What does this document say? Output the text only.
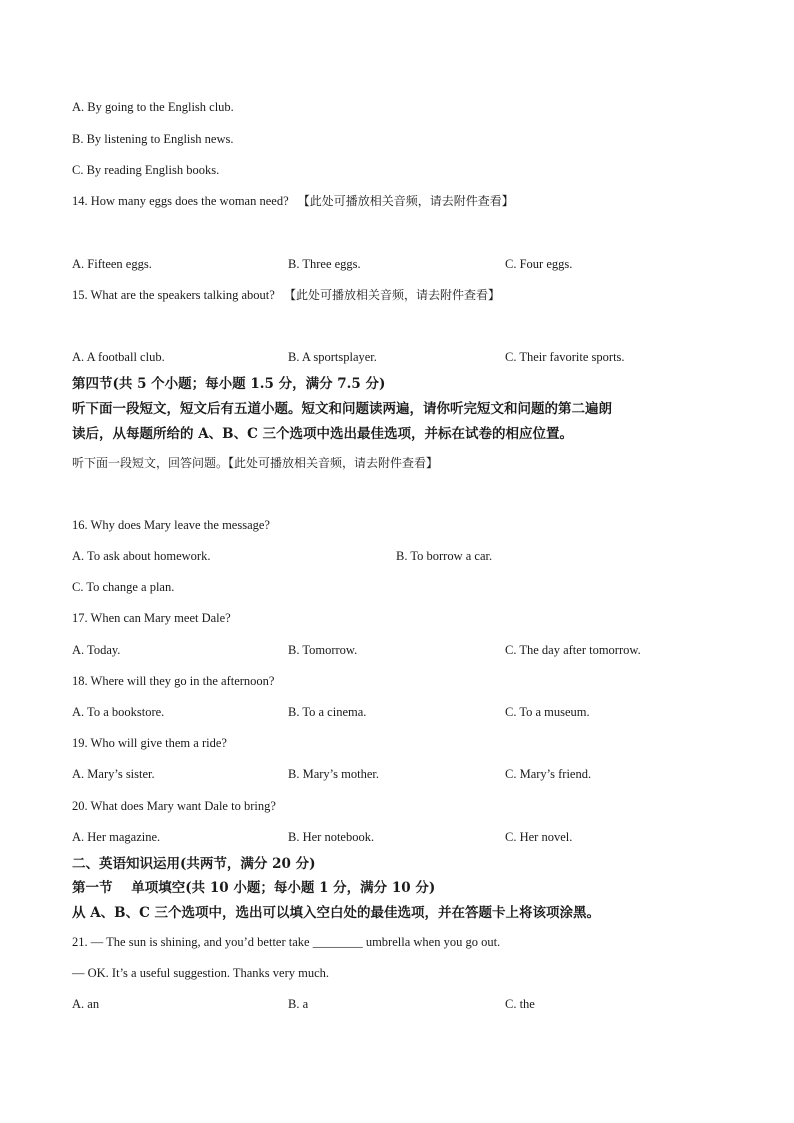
A. By going to the English club.
B. By listening to English news.
C. By reading English books.
14. How many eggs does the woman need? 【此处可播放相关音频，请去附件查看】
A. Fifteen eggs.	B. Three eggs.	C. Four eggs.
15. What are the speakers talking about? 【此处可播放相关音频，请去附件查看】
A. A football club.	B. A sportsplayer.	C. Their favorite sports.
第四节(共 5 个小题；每小题 1.5 分，满分 7.5 分)
听下面一段短文，短文后有五道小题。短文和问题读两遍，请你听完短文和问题的第二遍朗
读后，从每题所给的 A、B、C 三个选项中选出最佳选项，并标在试卷的相应位置。
听下面一段短文，回答问题。【此处可播放相关音频，请去附件查看】
16. Why does Mary leave the message?
A. To ask about homework.	B. To borrow a car.
C. To change a plan.
17. When can Mary meet Dale?
A. Today.	B. Tomorrow.	C. The day after tomorrow.
18. Where will they go in the afternoon?
A. To a bookstore.	B. To a cinema.	C. To a museum.
19. Who will give them a ride?
A. Mary’s sister.	B. Mary’s mother.	C. Mary’s friend.
20. What does Mary want Dale to bring?
A. Her magazine.	B. Her notebook.	C. Her novel.
二、英语知识运用(共两节，满分 20 分)
第一节    单项填空(共 10 小题；每小题 1 分，满分 10 分)
从 A、B、C 三个选项中，选出可以填入空白处的最佳选项，并在答题卡上将该项涂黑。
21. — The sun is shining, and you’d better take ________ umbrella when you go out.
— OK. It’s a useful suggestion. Thanks very much.
A. an	B. a	C. the
